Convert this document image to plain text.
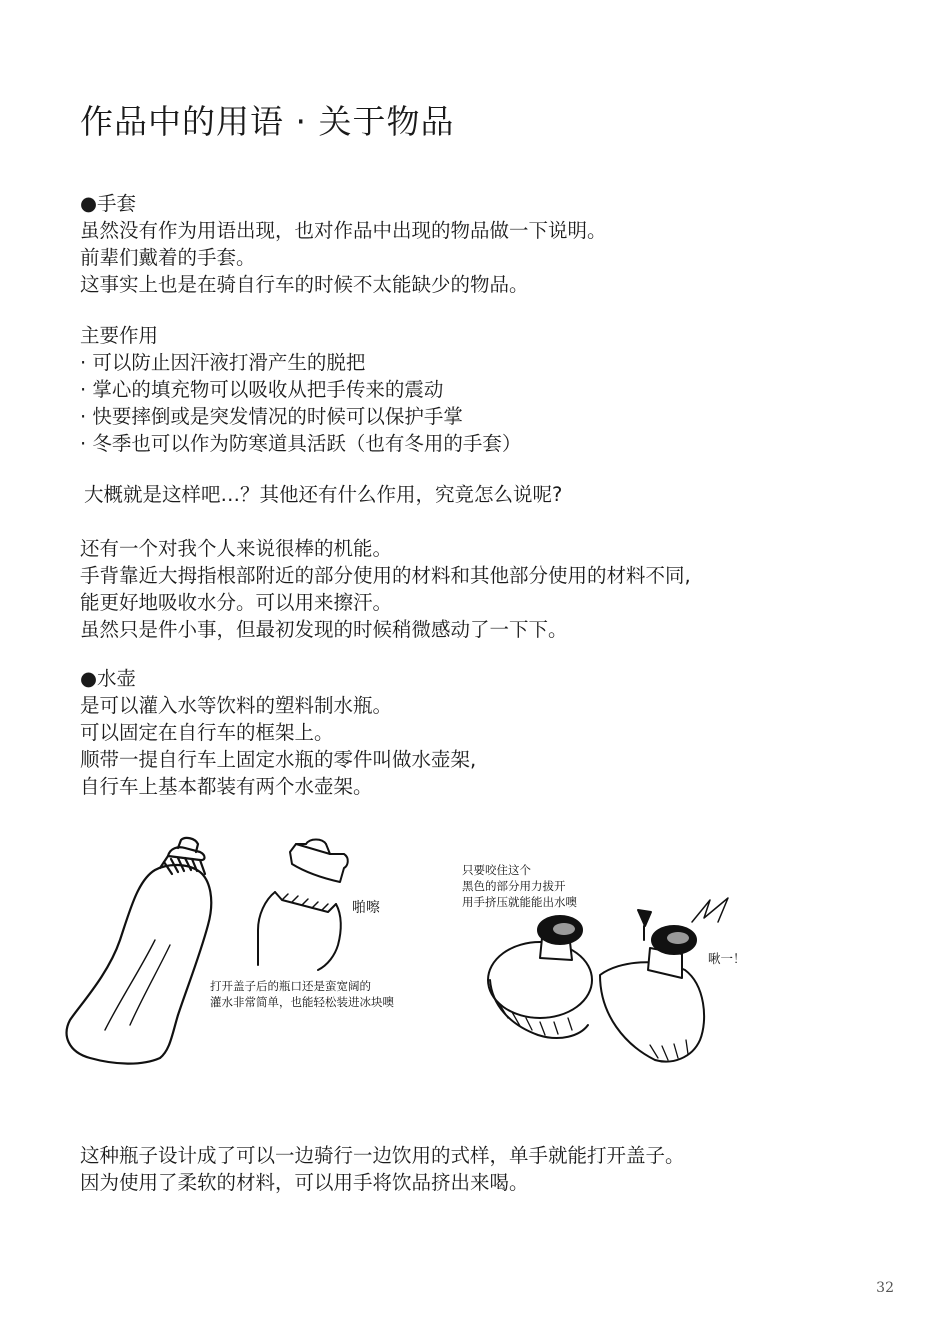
作品中的用语 · 关于物品
●手套
虽然没有作为用语出现，也对作品中出现的物品做一下说明。
前辈们戴着的手套。
这事实上也是在骑自行车的时候不太能缺少的物品。
主要作用
· 可以防止因汗液打滑产生的脱把
· 掌心的填充物可以吸收从把手传来的震动
· 快要摔倒或是突发情况的时候可以保护手掌
· 冬季也可以作为防寒道具活跃（也有冬用的手套）
大概就是这样吧…？其他还有什么作用，究竟怎么说呢?
还有一个对我个人来说很棒的机能。
手背靠近大拇指根部附近的部分使用的材料和其他部分使用的材料不同,
能更好地吸收水分。可以用来擦汗。
虽然只是件小事，但最初发现的时候稍微感动了一下下。
●水壶
是可以灌入水等饮料的塑料制水瓶。
可以固定在自行车的框架上。
顺带一提自行车上固定水瓶的零件叫做水壶架,
自行车上基本都装有两个水壶架。
啪嚓
打开盖子后的瓶口还是蛮宽阔的
灌水非常简单，也能轻松装进冰块噢
只要咬住这个
黑色的部分用力拔开
用手挤压就能能出水噢
啾一！
这种瓶子设计成了可以一边骑行一边饮用的式样，单手就能打开盖子。
因为使用了柔软的材料，可以用手将饮品挤出来喝。
32
